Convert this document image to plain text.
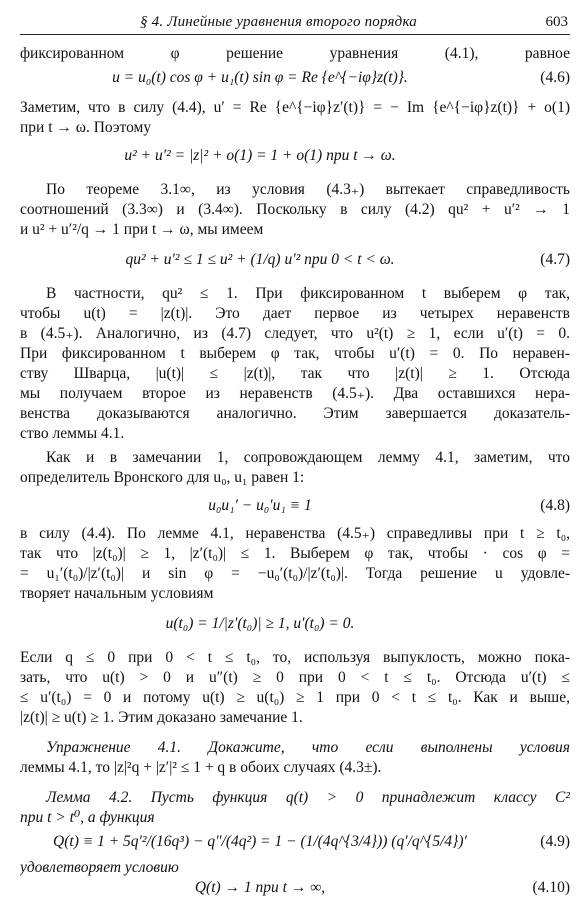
§ 4. Линейные уравнения второго порядка	603
фиксированном φ решение уравнения (4.1), равное
u = u₀(t) cos φ + u₁(t) sin φ = Re {e^{−iφ}z(t)}.	(4.6)
Заметим, что в силу (4.4), u′ = Re {e^{−iφ}z′(t)} = − Im {e^{−iφ}z(t)} + o(1)
при t → ω. Поэтому
u² + u′² = |z|² + o(1) = 1 + o(1) при t → ω.
По теореме 3.1∞, из условия (4.3₊) вытекает справедливость
соотношений (3.3∞) и (3.4∞). Поскольку в силу (4.2) qu² + u′² → 1
и u² + u′²/q → 1 при t → ω, мы имеем
qu² + u′² ≤ 1 ≤ u² + (1/q) u′² при 0 < t < ω.	(4.7)
В частности, qu² ≤ 1. При фиксированном t выберем φ так,
чтобы u(t) = |z(t)|. Это дает первое из четырех неравенств
в (4.5₊). Аналогично, из (4.7) следует, что u²(t) ≥ 1, если u′(t) = 0.
При фиксированном t выберем φ так, чтобы u′(t) = 0. По неравен-
ству Шварца, |u(t)| ≤ |z(t)|, так что |z(t)| ≥ 1. Отсюда
мы получаем второе из неравенств (4.5₊). Два оставшихся нера-
венства доказываются аналогично. Этим завершается доказатель-
ство леммы 4.1.
Как и в замечании 1, сопровождающем лемму 4.1, заметим, что
определитель Вронского для u₀, u₁ равен 1:
u₀u₁′ − u₀′u₁ ≡ 1	(4.8)
в силу (4.4). По лемме 4.1, неравенства (4.5₊) справедливы при t ≥ t₀,
так что |z(t₀)| ≥ 1, |z′(t₀)| ≤ 1. Выберем φ так, чтобы · cos φ =
= u₁′(t₀)/|z′(t₀)| и sin φ = −u₀′(t₀)/|z′(t₀)|. Тогда решение u удовле-
творяет начальным условиям
u(t₀) = 1/|z′(t₀)| ≥ 1, u′(t₀) = 0.
Если q ≤ 0 при 0 < t ≤ t₀, то, используя выпуклость, можно пока-
зать, что u(t) > 0 и u″(t) ≥ 0 при 0 < t ≤ t₀. Отсюда u′(t) ≤
≤ u′(t₀) = 0 и потому u(t) ≥ u(t₀) ≥ 1 при 0 < t ≤ t₀. Как и выше,
|z(t)| ≥ u(t) ≥ 1. Этим доказано замечание 1.
Упражнение 4.1. Докажите, что если выполнены условия
леммы 4.1, то |z|²q + |z′|² ≤ 1 + q в обоих случаях (4.3±).
Лемма 4.2. Пусть функция q(t) > 0 принадлежит классу C²
при t > t⁰, а функция
Q(t) ≡ 1 + 5q′²/(16q³) − q″/(4q²) = 1 − (1/(4q^{3/4})) (q′/q^{5/4})′	(4.9)
удовлетворяет условию
Q(t) → 1 при t → ∞,	(4.10)
